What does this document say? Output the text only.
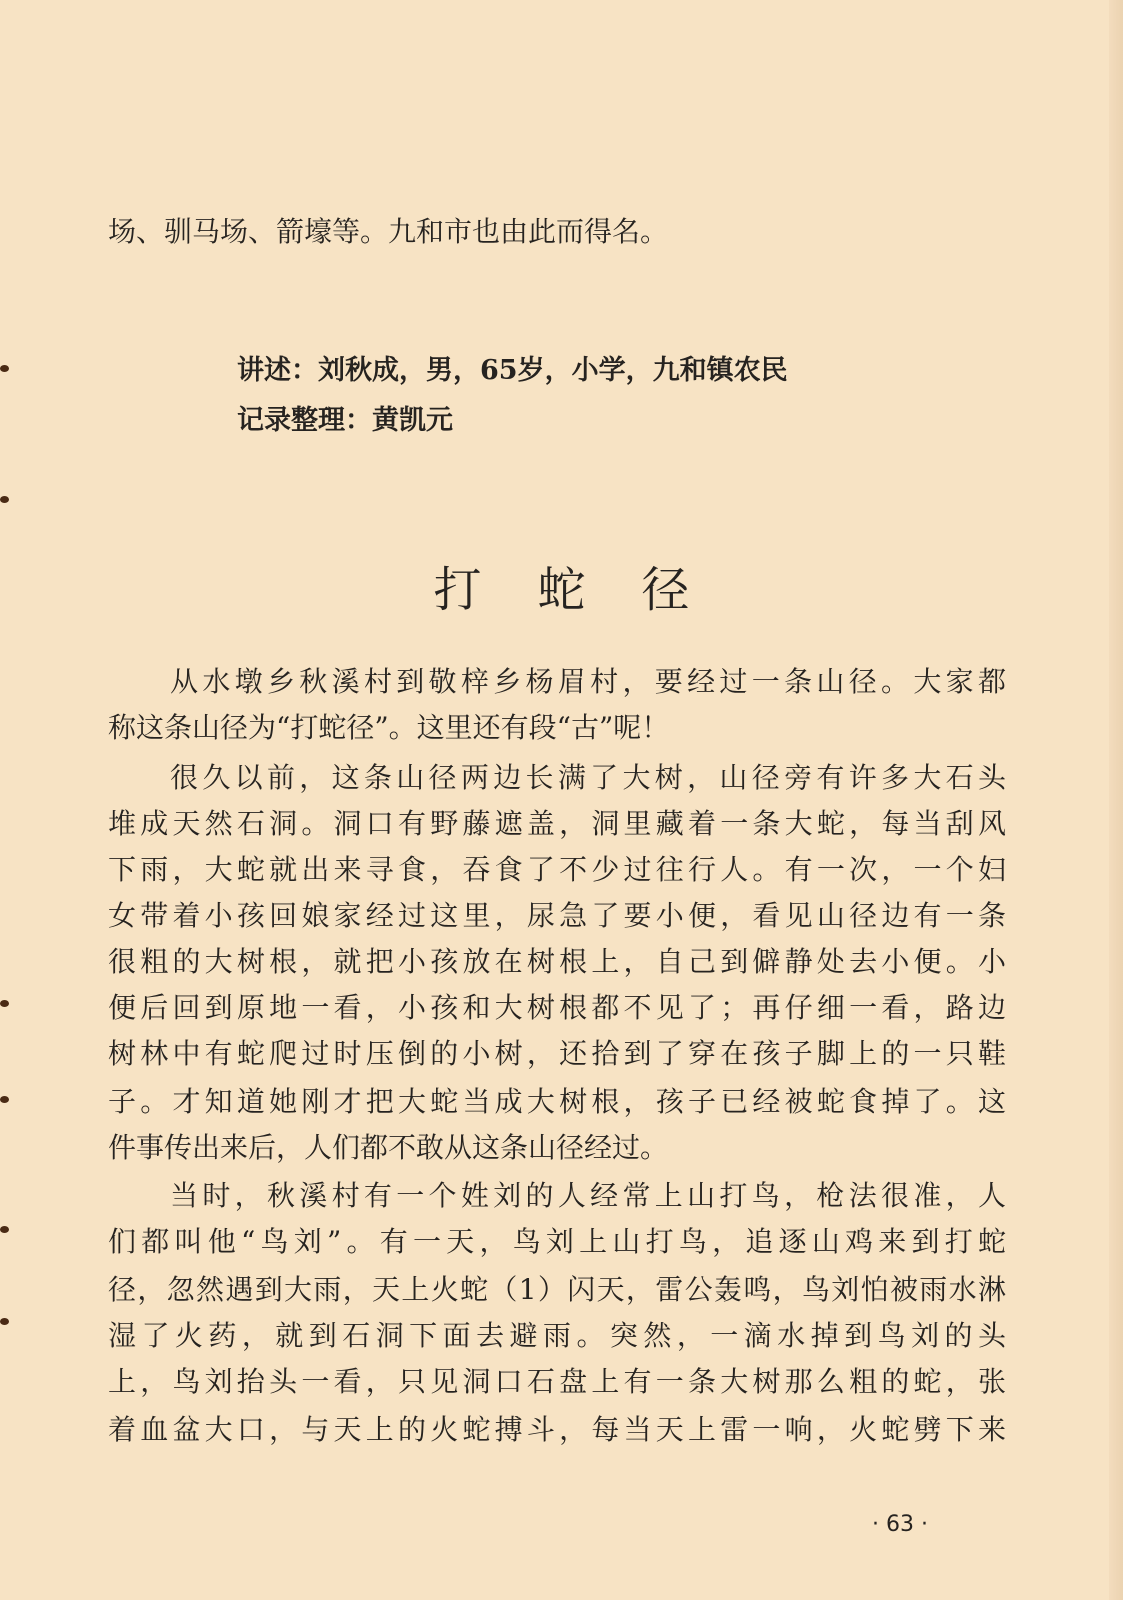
场、驯马场、箭壕等。九和市也由此而得名。
讲述：刘秋成，男，65岁，小学，九和镇农民
记录整理：黄凯元
打蛇径
从水墩乡秋溪村到敬梓乡杨眉村，要经过一条山径。大家都
称这条山径为“打蛇径”。这里还有段“古”呢！
很久以前，这条山径两边长满了大树，山径旁有许多大石头
堆成天然石洞。洞口有野藤遮盖，洞里藏着一条大蛇，每当刮风
下雨，大蛇就出来寻食，吞食了不少过往行人。有一次，一个妇
女带着小孩回娘家经过这里，尿急了要小便，看见山径边有一条
很粗的大树根，就把小孩放在树根上，自己到僻静处去小便。小
便后回到原地一看，小孩和大树根都不见了；再仔细一看，路边
树林中有蛇爬过时压倒的小树，还拾到了穿在孩子脚上的一只鞋
子。才知道她刚才把大蛇当成大树根，孩子已经被蛇食掉了。这
件事传出来后，人们都不敢从这条山径经过。
当时，秋溪村有一个姓刘的人经常上山打鸟，枪法很准，人
们都叫他“鸟刘”。有一天，鸟刘上山打鸟，追逐山鸡来到打蛇
径，忽然遇到大雨，天上火蛇（1）闪天，雷公轰鸣，鸟刘怕被雨水淋
湿了火药，就到石洞下面去避雨。突然，一滴水掉到鸟刘的头
上，鸟刘抬头一看，只见洞口石盘上有一条大树那么粗的蛇，张
着血盆大口，与天上的火蛇搏斗，每当天上雷一响，火蛇劈下来
· 63 ·
